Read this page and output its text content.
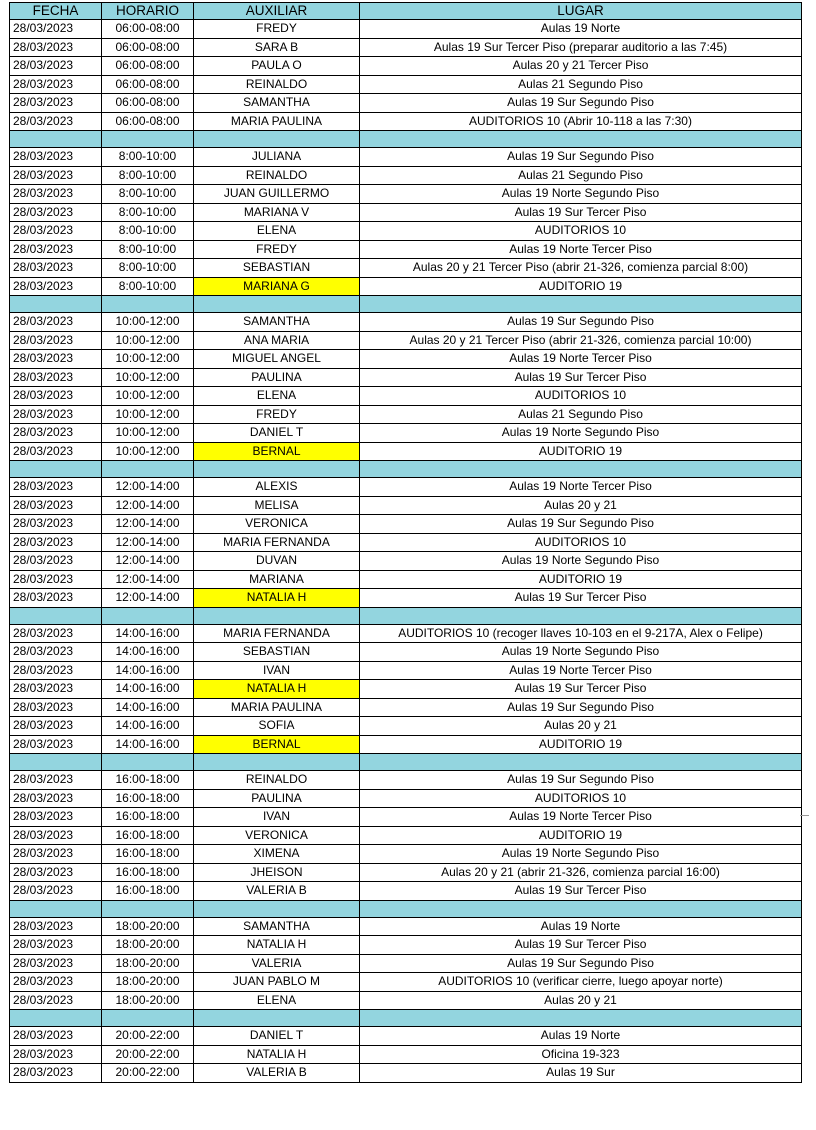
FECHA	HORARIO	AUXILIAR	LUGAR
28/03/2023	06:00-08:00	FREDY	Aulas 19 Norte
28/03/2023	06:00-08:00	SARA B	Aulas 19 Sur Tercer Piso (preparar auditorio a las 7:45)
28/03/2023	06:00-08:00	PAULA O	Aulas 20 y 21 Tercer Piso
28/03/2023	06:00-08:00	REINALDO	Aulas 21 Segundo Piso
28/03/2023	06:00-08:00	SAMANTHA	Aulas 19 Sur Segundo Piso
28/03/2023	06:00-08:00	MARIA PAULINA	AUDITORIOS 10 (Abrir 10-118 a las 7:30)

28/03/2023	8:00-10:00	JULIANA	Aulas 19 Sur Segundo Piso
28/03/2023	8:00-10:00	REINALDO	Aulas 21 Segundo Piso
28/03/2023	8:00-10:00	JUAN GUILLERMO	Aulas 19 Norte Segundo Piso
28/03/2023	8:00-10:00	MARIANA V	Aulas 19 Sur Tercer Piso
28/03/2023	8:00-10:00	ELENA	AUDITORIOS 10
28/03/2023	8:00-10:00	FREDY	Aulas 19 Norte Tercer Piso
28/03/2023	8:00-10:00	SEBASTIAN	Aulas 20 y 21 Tercer Piso (abrir 21-326, comienza parcial 8:00)
28/03/2023	8:00-10:00	MARIANA G	AUDITORIO 19

28/03/2023	10:00-12:00	SAMANTHA	Aulas 19 Sur Segundo Piso
28/03/2023	10:00-12:00	ANA MARIA	Aulas 20 y 21 Tercer Piso (abrir 21-326, comienza parcial 10:00)
28/03/2023	10:00-12:00	MIGUEL ANGEL	Aulas 19 Norte Tercer Piso
28/03/2023	10:00-12:00	PAULINA	Aulas 19 Sur Tercer Piso
28/03/2023	10:00-12:00	ELENA	AUDITORIOS 10
28/03/2023	10:00-12:00	FREDY	Aulas 21 Segundo Piso
28/03/2023	10:00-12:00	DANIEL T	Aulas 19 Norte Segundo Piso
28/03/2023	10:00-12:00	BERNAL	AUDITORIO 19

28/03/2023	12:00-14:00	ALEXIS	Aulas 19 Norte Tercer Piso
28/03/2023	12:00-14:00	MELISA	Aulas 20 y 21
28/03/2023	12:00-14:00	VERONICA	Aulas 19 Sur Segundo Piso
28/03/2023	12:00-14:00	MARIA FERNANDA	AUDITORIOS 10
28/03/2023	12:00-14:00	DUVAN	Aulas 19 Norte Segundo Piso
28/03/2023	12:00-14:00	MARIANA	AUDITORIO 19
28/03/2023	12:00-14:00	NATALIA H	Aulas 19 Sur Tercer Piso

28/03/2023	14:00-16:00	MARIA FERNANDA	AUDITORIOS 10 (recoger llaves 10-103 en el 9-217A, Alex o Felipe)
28/03/2023	14:00-16:00	SEBASTIAN	Aulas 19 Norte Segundo Piso
28/03/2023	14:00-16:00	IVAN	Aulas 19 Norte Tercer Piso
28/03/2023	14:00-16:00	NATALIA H	Aulas 19 Sur Tercer Piso
28/03/2023	14:00-16:00	MARIA PAULINA	Aulas 19 Sur Segundo Piso
28/03/2023	14:00-16:00	SOFIA	Aulas 20 y 21
28/03/2023	14:00-16:00	BERNAL	AUDITORIO 19

28/03/2023	16:00-18:00	REINALDO	Aulas 19 Sur Segundo Piso
28/03/2023	16:00-18:00	PAULINA	AUDITORIOS 10
28/03/2023	16:00-18:00	IVAN	Aulas 19 Norte Tercer Piso
28/03/2023	16:00-18:00	VERONICA	AUDITORIO 19
28/03/2023	16:00-18:00	XIMENA	Aulas 19 Norte Segundo Piso
28/03/2023	16:00-18:00	JHEISON	Aulas 20 y 21 (abrir 21-326, comienza parcial 16:00)
28/03/2023	16:00-18:00	VALERIA B	Aulas 19 Sur Tercer Piso

28/03/2023	18:00-20:00	SAMANTHA	Aulas 19 Norte
28/03/2023	18:00-20:00	NATALIA H	Aulas 19 Sur Tercer Piso
28/03/2023	18:00-20:00	VALERIA	Aulas 19 Sur Segundo Piso
28/03/2023	18:00-20:00	JUAN PABLO M	AUDITORIOS 10 (verificar cierre, luego apoyar norte)
28/03/2023	18:00-20:00	ELENA	Aulas 20 y 21

28/03/2023	20:00-22:00	DANIEL T	Aulas 19 Norte
28/03/2023	20:00-22:00	NATALIA H	Oficina 19-323
28/03/2023	20:00-22:00	VALERIA B	Aulas 19 Sur
